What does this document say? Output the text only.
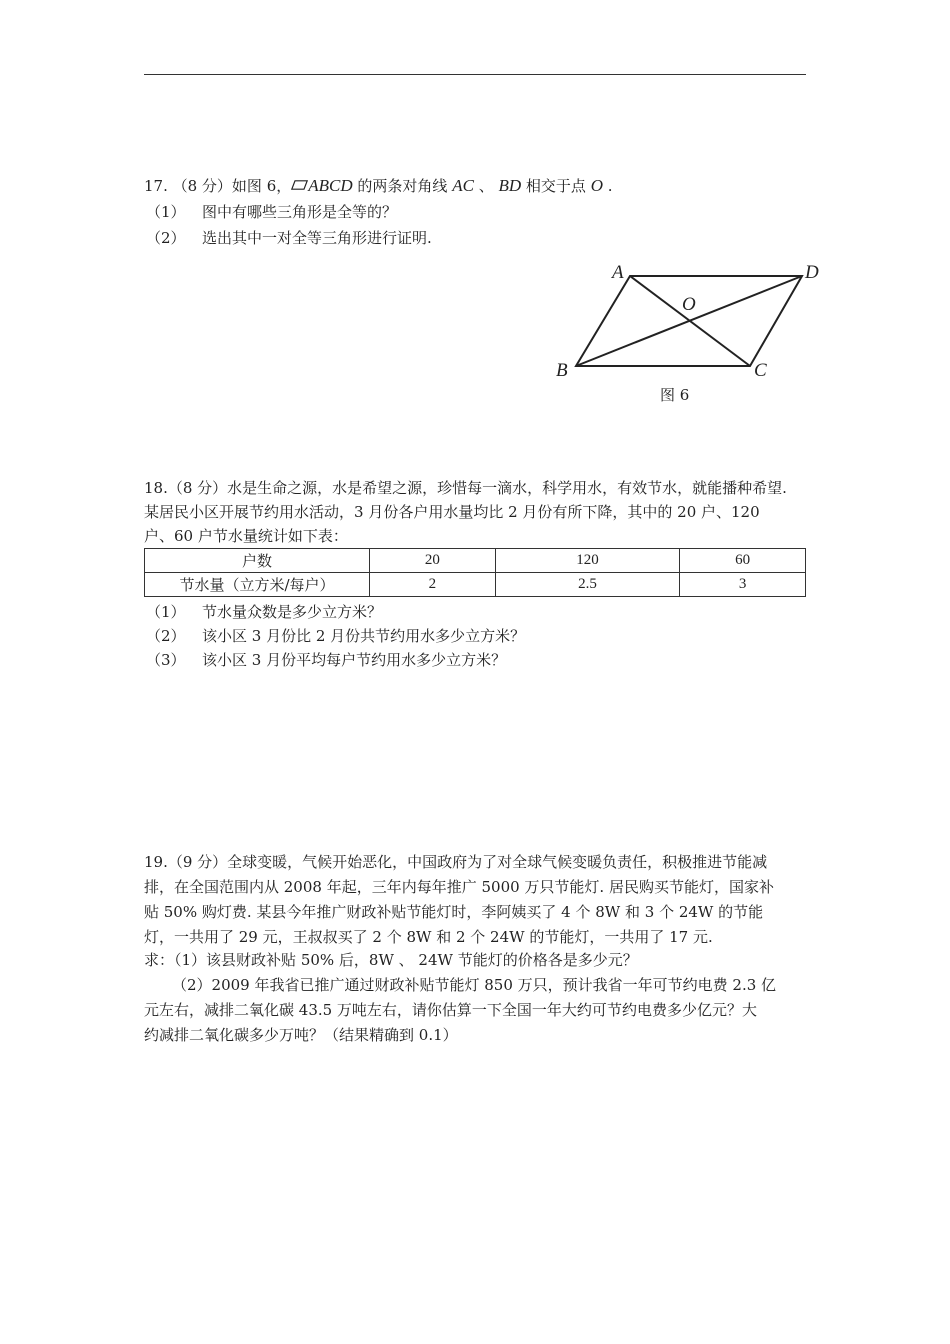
17. （8 分）如图 6， ABCD 的两条对角线 AC 、 BD 相交于点 O .
（1） 图中有哪些三角形是全等的？
（2） 选出其中一对全等三角形进行证明.
A	D
O
B	C
图 6
18.（8 分）水是生命之源，水是希望之源，珍惜每一滴水，科学用水，有效节水，就能播种希望.
某居民小区开展节约用水活动，3 月份各户用水量均比 2 月份有所下降，其中的 20 户、120
户、60 户节水量统计如下表：
户数	20	120	60
节水量（立方米/每户）	2	2.5	3
（1） 节水量众数是多少立方米？
（2） 该小区 3 月份比 2 月份共节约用水多少立方米？
（3） 该小区 3 月份平均每户节约用水多少立方米？
19.（9 分）全球变暖，气候开始恶化，中国政府为了对全球气候变暖负责任，积极推进节能减
排，在全国范围内从 2008 年起，三年内每年推广 5000 万只节能灯. 居民购买节能灯，国家补
贴 50% 购灯费. 某县今年推广财政补贴节能灯时，李阿姨买了 4 个 8W 和 3 个 24W 的节能
灯，一共用了 29 元，王叔叔买了 2 个 8W 和 2 个 24W 的节能灯，一共用了 17 元.
求：（1）该县财政补贴 50% 后，8W 、 24W 节能灯的价格各是多少元？
（2）2009 年我省已推广通过财政补贴节能灯 850 万只，预计我省一年可节约电费 2.3 亿
元左右，减排二氧化碳 43.5 万吨左右，请你估算一下全国一年大约可节约电费多少亿元？大
约减排二氧化碳多少万吨？（结果精确到 0.1）
